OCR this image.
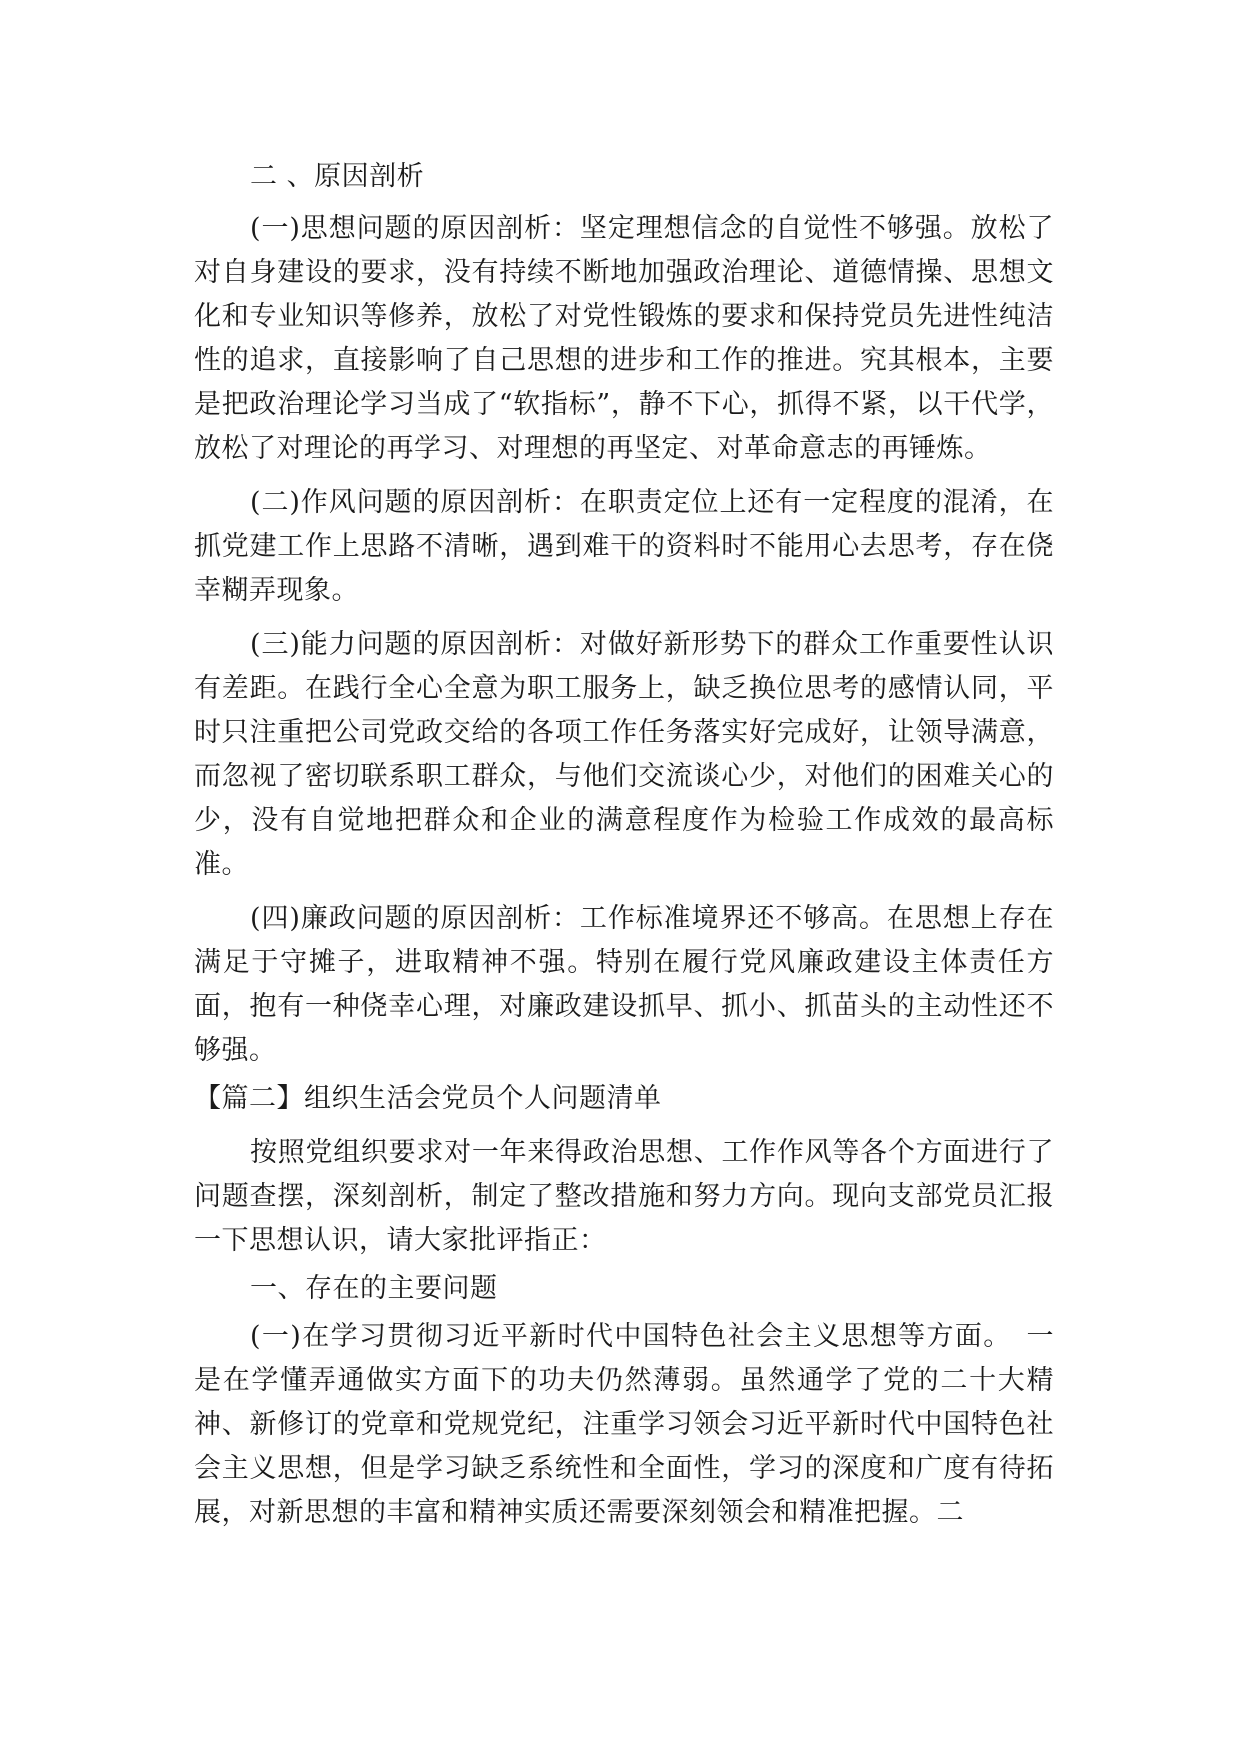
二 、原因剖析

(一)思想问题的原因剖析：坚定理想信念的自觉性不够强。放松了对自身建设的要求，没有持续不断地加强政治理论、道德情操、思想文化和专业知识等修养，放松了对党性锻炼的要求和保持党员先进性纯洁性的追求，直接影响了自己思想的进步和工作的推进。究其根本，主要是把政治理论学习当成了“软指标”，静不下心，抓得不紧，以干代学，放松了对理论的再学习、对理想的再坚定、对革命意志的再锤炼。

(二)作风问题的原因剖析：在职责定位上还有一定程度的混淆，在抓党建工作上思路不清晰，遇到难干的资料时不能用心去思考，存在侥幸糊弄现象。

(三)能力问题的原因剖析：对做好新形势下的群众工作重要性认识有差距。在践行全心全意为职工服务上，缺乏换位思考的感情认同，平时只注重把公司党政交给的各项工作任务落实好完成好，让领导满意，而忽视了密切联系职工群众，与他们交流谈心少，对他们的困难关心的少，没有自觉地把群众和企业的满意程度作为检验工作成效的最高标准。

(四)廉政问题的原因剖析：工作标准境界还不够高。在思想上存在满足于守摊子，进取精神不强。特别在履行党风廉政建设主体责任方面，抱有一种侥幸心理，对廉政建设抓早、抓小、抓苗头的主动性还不够强。

【篇二】组织生活会党员个人问题清单

按照党组织要求对一年来得政治思想、工作作风等各个方面进行了问题查摆，深刻剖析，制定了整改措施和努力方向。现向支部党员汇报一下思想认识，请大家批评指正：

一、存在的主要问题

(一)在学习贯彻习近平新时代中国特色社会主义思想等方面。　一是在学懂弄通做实方面下的功夫仍然薄弱。虽然通学了党的二十大精神、新修订的党章和党规党纪，注重学习领会习近平新时代中国特色社会主义思想，但是学习缺乏系统性和全面性，学习的深度和广度有待拓展，对新思想的丰富和精神实质还需要深刻领会和精准把握。二
